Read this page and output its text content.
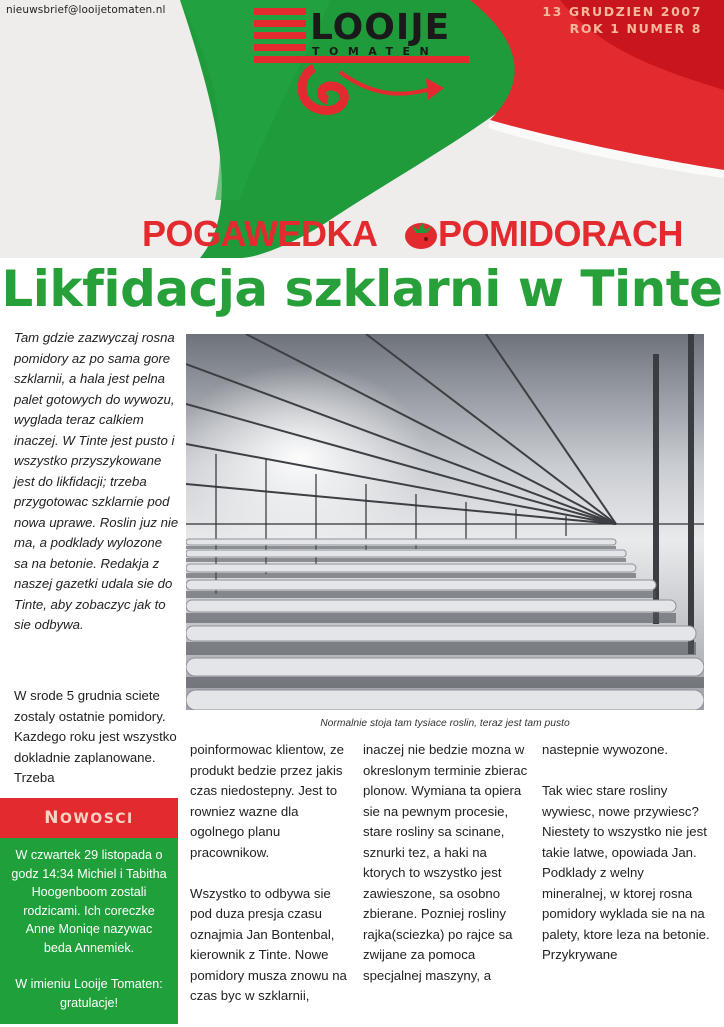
nieuwsbrief@looijetomaten.nl	13 GRUDZIEN 2007
ROK 1 NUMER 8
LOOIJE
TOMATEN
POGAWEDKA POMIDORACH
Likfidacja szklarni w Tinte
Tam gdzie zazwyczaj rosna pomidory az po sama gore szklarnii, a hala jest pelna palet gotowych do wywozu, wyglada teraz calkiem inaczej. W Tinte jest pusto i wszystko przyszykowane jest do likfidacji; trzeba przygotowac szklarnie pod nowa uprawe. Roslin juz nie ma, a podklady wylozone sa na betonie. Redakja z naszej gazetki udala sie do Tinte, aby zobaczyc jak to sie odbywa.
W srode 5 grudnia sciete zostaly ostatnie pomidory. Kazdego roku jest wszystko dokladnie zaplanowane. Trzeba
Normalnie stoja tam tysiace roslin, teraz jest tam pusto

poinformowac klientow, ze produkt bedzie przez jakis czas niedostepny. Jest to rowniez wazne dla ogolnego planu pracownikow.

Wszystko to odbywa sie pod duza presja czasu oznajmia Jan Bontenbal, kierownik z Tinte. Nowe pomidory musza znowu na czas byc w szklarnii,

inaczej nie bedzie mozna w okreslonym terminie zbierac plonow. Wymiana ta opiera sie na pewnym procesie, stare rosliny sa scinane, sznurki tez, a haki na ktorych to wszystko jest zawieszone, sa osobno zbierane. Pozniej rosliny rajka(sciezka) po rajce sa zwijane za pomoca specjalnej maszyny, a

nastepnie wywozone.

Tak wiec stare rosliny wywiesc, nowe przywiesc?Niestety to wszystko nie jest takie latwe, opowiada Jan. Podklady z welny mineralnej, w ktorej rosna pomidory wyklada sie na na palety, ktore leza na betonie. Przykrywane

NOWOSCI

W czwartek 29 listopada o godz 14:34 Michiel i Tabitha Hoogenboom zostali rodzicami. Ich coreczke Anne Moniqe nazywac beda Annemiek.

W imieniu Looije Tomaten: gratulacje!
